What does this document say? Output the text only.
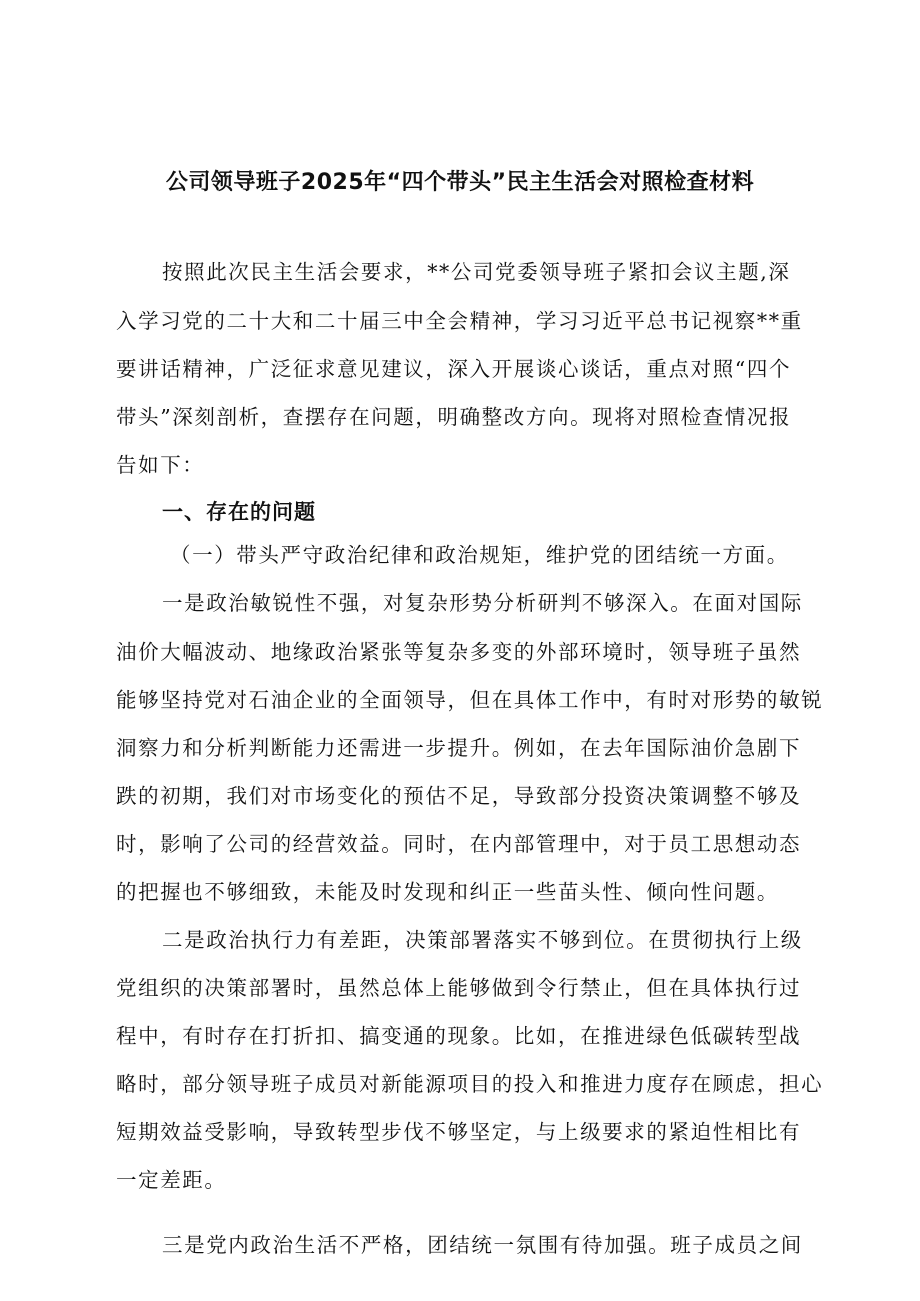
公司领导班子2025年“四个带头”民主生活会对照检查材料
按照此次民主生活会要求，**公司党委领导班子紧扣会议主题,深
入学习党的二十大和二十届三中全会精神，学习习近平总书记视察**重
要讲话精神，广泛征求意见建议，深入开展谈心谈话，重点对照“四个
带头”深刻剖析，查摆存在问题，明确整改方向。现将对照检查情况报
告如下：
一、存在的问题
（一）带头严守政治纪律和政治规矩，维护党的团结统一方面。
一是政治敏锐性不强，对复杂形势分析研判不够深入。在面对国际
油价大幅波动、地缘政治紧张等复杂多变的外部环境时，领导班子虽然
能够坚持党对石油企业的全面领导，但在具体工作中，有时对形势的敏锐
洞察力和分析判断能力还需进一步提升。例如，在去年国际油价急剧下
跌的初期，我们对市场变化的预估不足，导致部分投资决策调整不够及
时，影响了公司的经营效益。同时，在内部管理中，对于员工思想动态
的把握也不够细致，未能及时发现和纠正一些苗头性、倾向性问题。
二是政治执行力有差距，决策部署落实不够到位。在贯彻执行上级
党组织的决策部署时，虽然总体上能够做到令行禁止，但在具体执行过
程中，有时存在打折扣、搞变通的现象。比如，在推进绿色低碳转型战
略时，部分领导班子成员对新能源项目的投入和推进力度存在顾虑，担心
短期效益受影响，导致转型步伐不够坚定，与上级要求的紧迫性相比有
一定差距。
三是党内政治生活不严格，团结统一氛围有待加强。班子成员之间
